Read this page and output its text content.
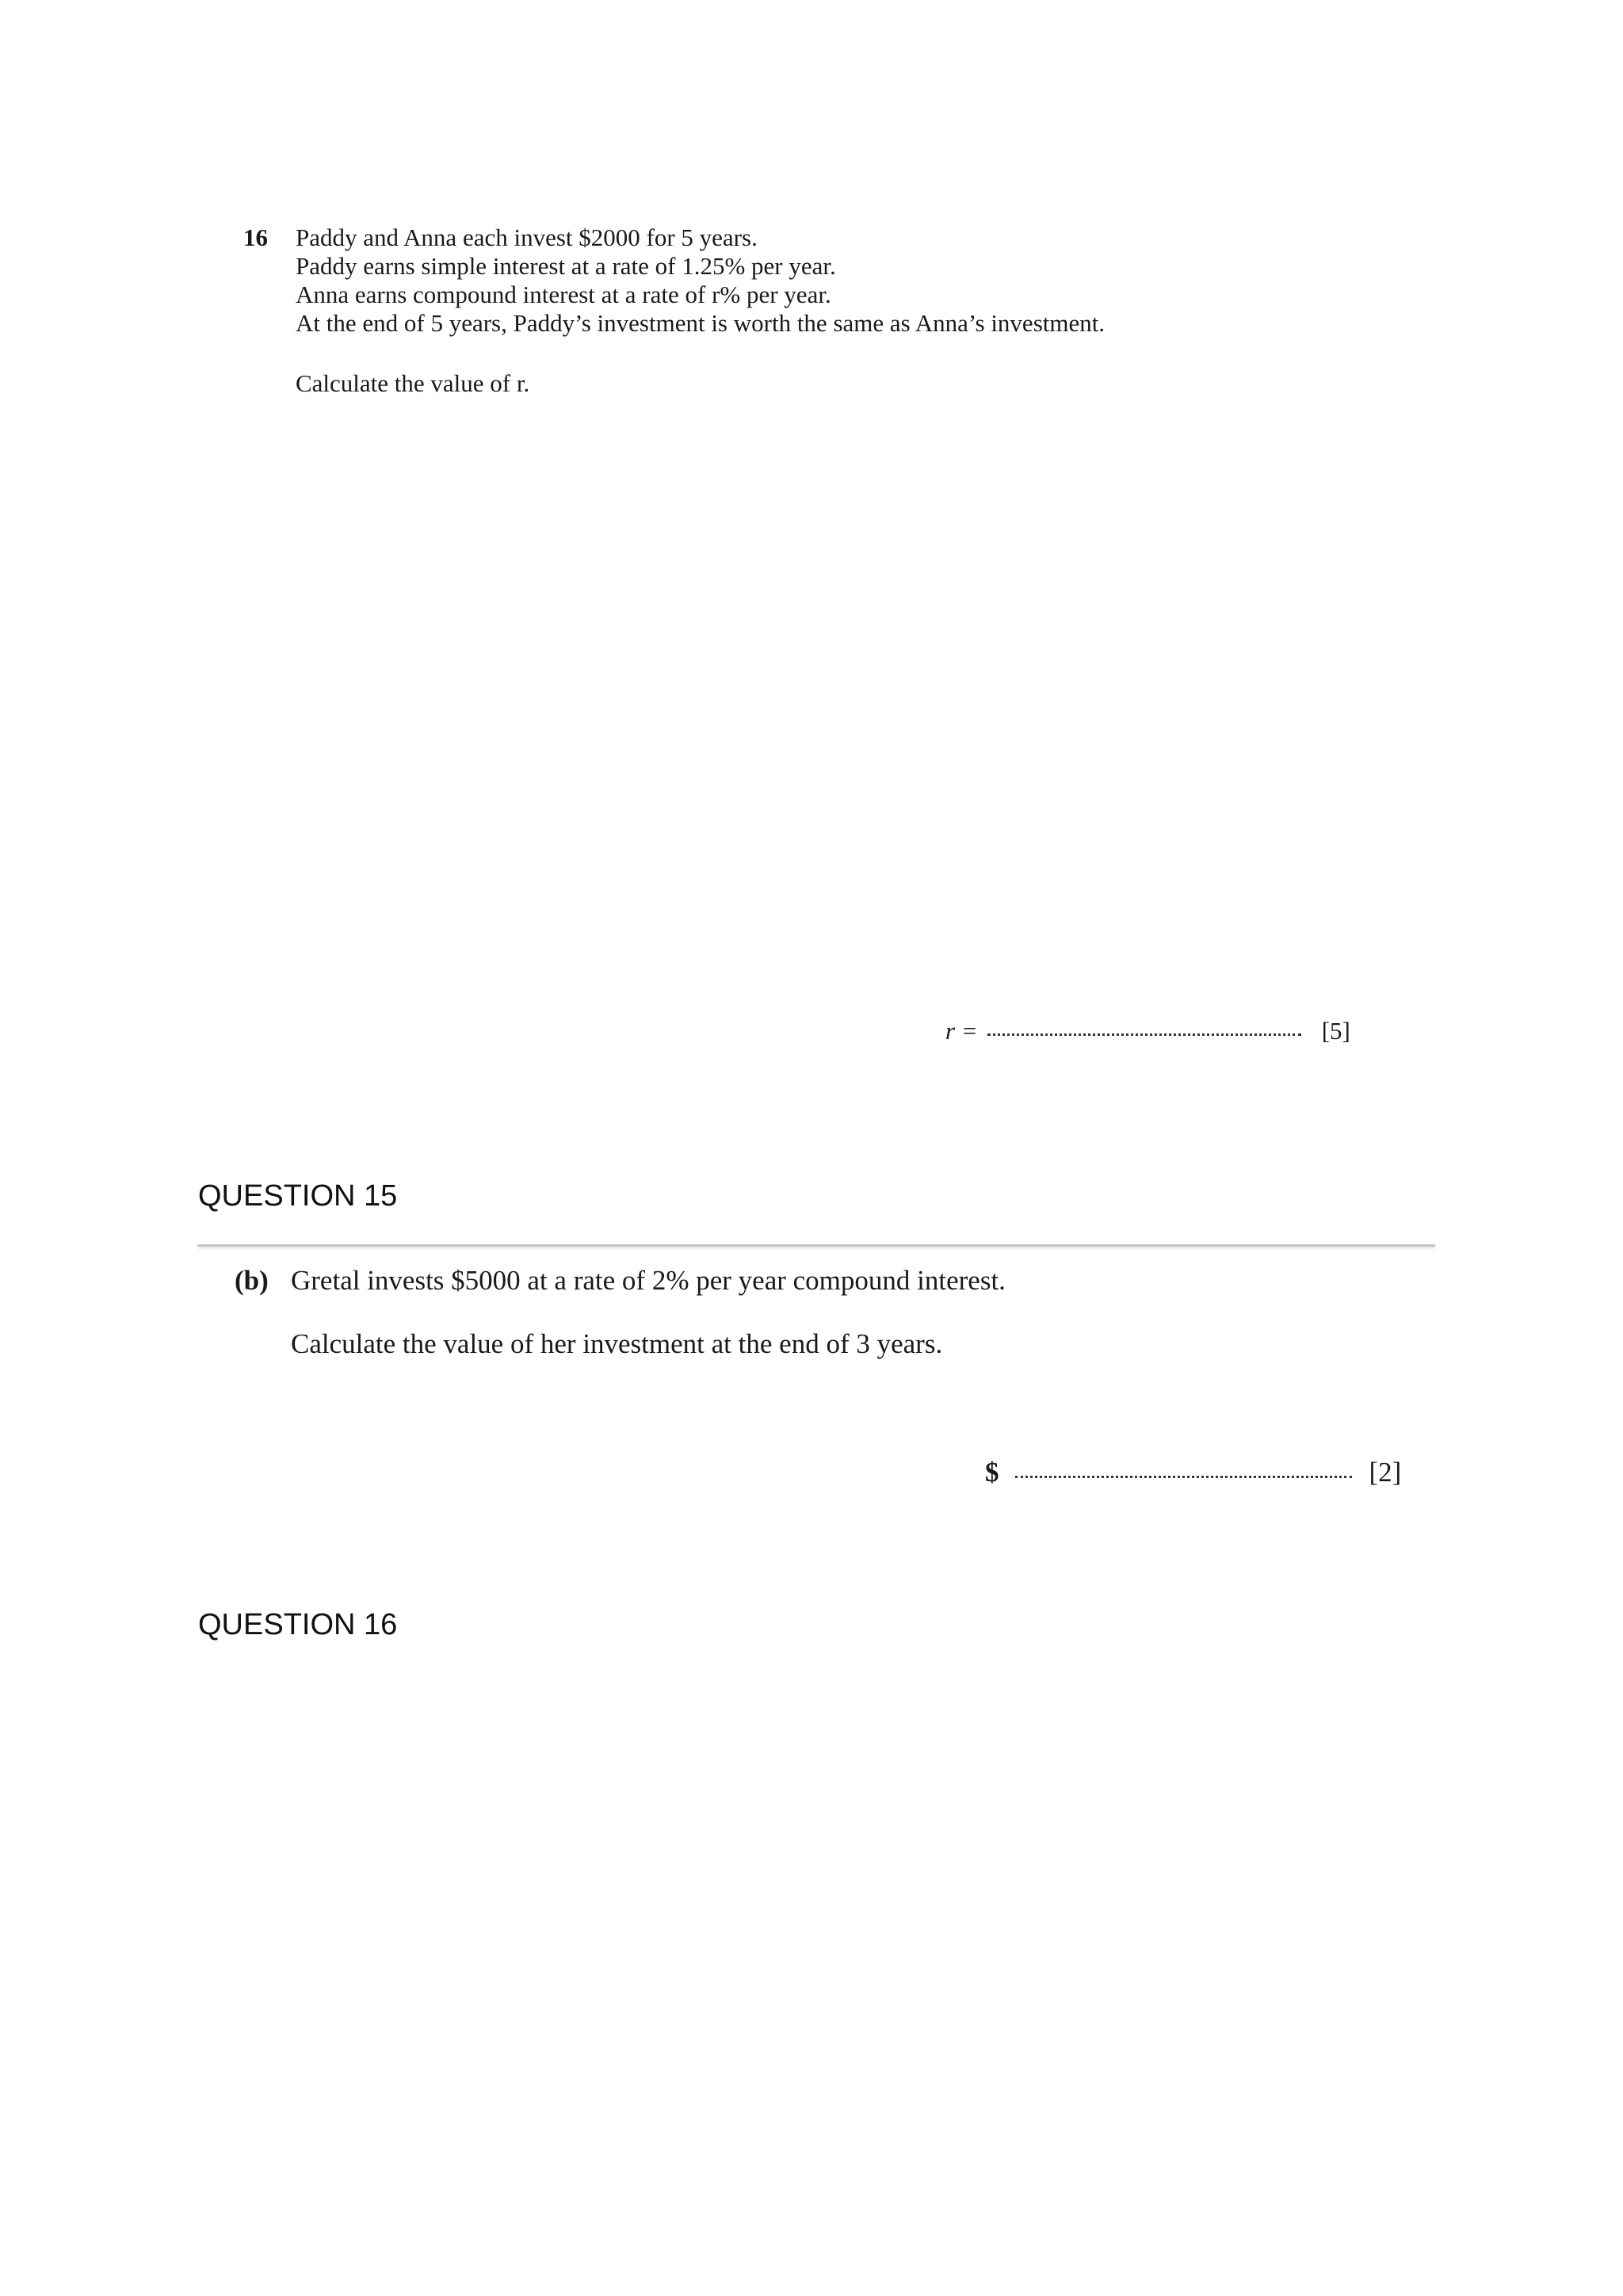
16 Paddy and Anna each invest $2000 for 5 years.
Paddy earns simple interest at a rate of 1.25% per year.
Anna earns compound interest at a rate of r% per year.
At the end of 5 years, Paddy’s investment is worth the same as Anna’s investment.
Calculate the value of r.
r =	[5]
QUESTION 15
(b) Gretal invests $5000 at a rate of 2% per year compound interest.
Calculate the value of her investment at the end of 3 years.
$	[2]
QUESTION 16
